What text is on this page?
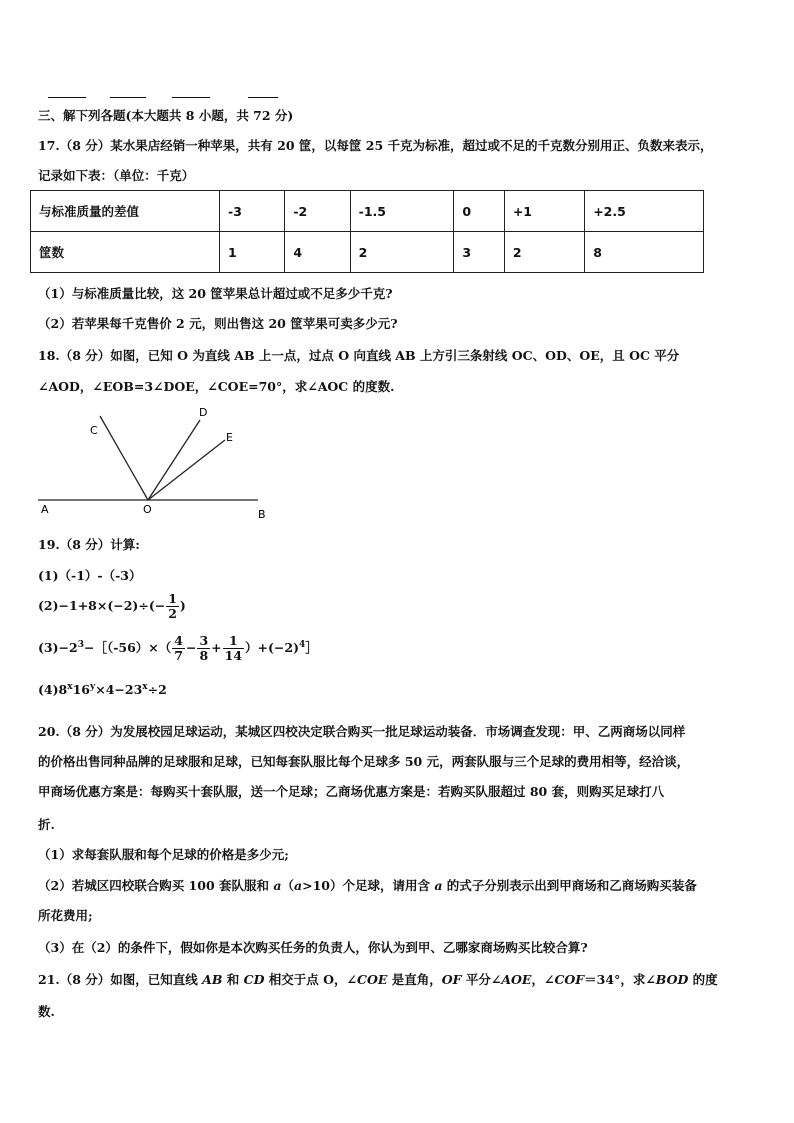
三、解下列各题(本大题共 8 小题，共 72 分)
17.（8 分）某水果店经销一种苹果，共有 20 筐，以每筐 25 千克为标准，超过或不足的千克数分别用正、负数来表示，
记录如下表：（单位：千克）
与标准质量的差值	-3	-2	-1.5	0	+1	+2.5
筐数	1	4	2	3	2	8
（1）与标准质量比较，这 20 筐苹果总计超过或不足多少千克?
（2）若苹果每千克售价 2 元，则出售这 20 筐苹果可卖多少元?
18.（8 分）如图，已知 O 为直线 AB 上一点，过点 O 向直线 AB 上方引三条射线 OC、OD、OE，且 OC 平分
∠AOD，∠EOB=3∠DOE，∠COE=70°，求∠AOC 的度数.
C
D
E
A	O	B
19.（8 分）计算:
(1)（-1）-（-3）
$(2)-1+8\times(-2)\div(- \frac{1}{2}$ )
$(3)-2^3-[(-56)\times( \frac{4}{7} - \frac{3}{8} + \frac{1}{14}$ ）$+(-2)^4]$
$(4)8^x16^y\times 4-23^x\div 2$
20.（8 分）为发展校园足球运动，某城区四校决定联合购买一批足球运动装备．市场调查发现：甲、乙两商场以同样
的价格出售同种品牌的足球服和足球，已知每套队服比每个足球多 50 元，两套队服与三个足球的费用相等，经洽谈，
甲商场优惠方案是：每购买十套队服，送一个足球；乙商场优惠方案是：若购买队服超过 80 套，则购买足球打八
折.
（1）求每套队服和每个足球的价格是多少元;
（2）若城区四校联合购买 100 套队服和 a（a>10）个足球，请用含 a 的式子分别表示出到甲商场和乙商场购买装备
所花费用;
（3）在（2）的条件下，假如你是本次购买任务的负责人，你认为到甲、乙哪家商场购买比较合算?
21.（8 分）如图，已知直线 AB 和 CD 相交于点 O，∠COE 是直角，OF 平分∠AOE，∠COF＝34°，求∠BOD 的度
数.
